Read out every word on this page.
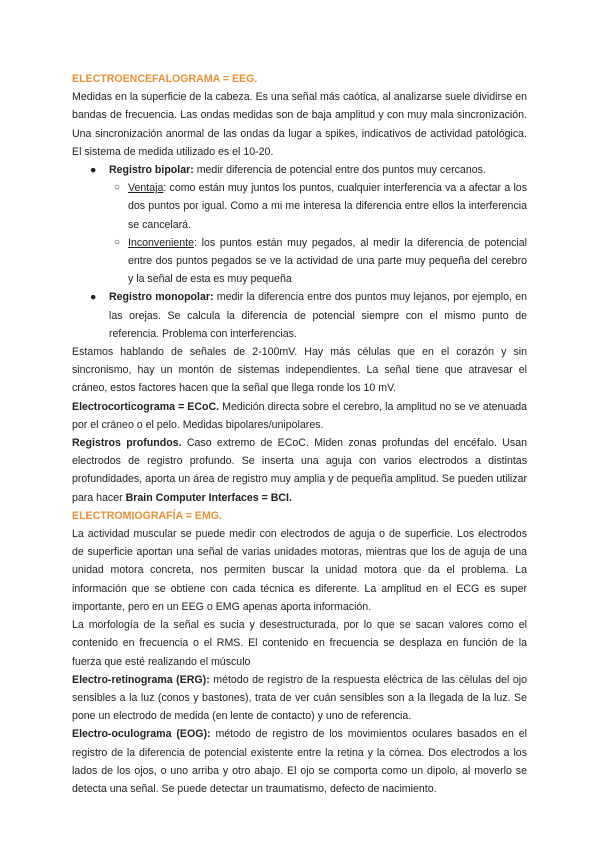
ELECTROENCEFALOGRAMA = EEG.

Medidas en la superficie de la cabeza. Es una señal más caótica, al analizarse suele dividirse en bandas de frecuencia. Las ondas medidas son de baja amplitud y con muy mala sincronización. Una sincronización anormal de las ondas da lugar a spikes, indicativos de actividad patológica. El sistema de medida utilizado es el 10-20.

● Registro bipolar: medir diferencia de potencial entre dos puntos muy cercanos.
○ Ventaja: como están muy juntos los puntos, cualquier interferencia va a afectar a los dos puntos por igual. Como a mi me interesa la diferencia entre ellos la interferencia se cancelará.
○ Inconveniente: los puntos están muy pegados, al medir la diferencia de potencial entre dos puntos pegados se ve la actividad de una parte muy pequeña del cerebro y la señal de esta es muy pequeña
● Registro monopolar: medir la diferencia entre dos puntos muy lejanos, por ejemplo, en las orejas. Se calcula la diferencia de potencial siempre con el mismo punto de referencia. Problema con interferencias.

Estamos hablando de señales de 2-100mV. Hay más células que en el corazón y sin sincronismo, hay un montón de sistemas independientes. La señal tiene que atravesar el cráneo, estos factores hacen que la señal que llega ronde los 10 mV.

Electrocorticograma = ECoC. Medición directa sobre el cerebro, la amplitud no se ve atenuada por el cráneo o el pelo. Medidas bipolares/unipolares.

Registros profundos. Caso extremo de ECoC. Miden zonas profundas del encéfalo. Usan electrodos de registro profundo. Se inserta una aguja con varios electrodos a distintas profundidades, aporta un área de registro muy amplia y de pequeña amplitud. Se pueden utilizar para hacer Brain Computer Interfaces = BCI.

ELECTROMIOGRAFÍA = EMG.

La actividad muscular se puede medir con electrodos de aguja o de superficie. Los electrodos de superficie aportan una señal de varias unidades motoras, mientras que los de aguja de una unidad motora concreta, nos permiten buscar la unidad motora que da el problema. La información que se obtiene con cada técnica es diferente. La amplitud en el ECG es super importante, pero en un EEG o EMG apenas aporta información.

La morfología de la señal es sucia y desestructurada, por lo que se sacan valores como el contenido en frecuencia o el RMS. El contenido en frecuencia se desplaza en función de la fuerza que esté realizando el músculo

Electro-retinograma (ERG): método de registro de la respuesta eléctrica de las células del ojo sensibles a la luz (conos y bastones), trata de ver cuán sensibles son a la llegada de la luz. Se pone un electrodo de medida (en lente de contacto) y uno de referencia.

Electro-oculograma (EOG): método de registro de los movimientos oculares basados en el registro de la diferencia de potencial existente entre la retina y la córnea. Dos electrodos a los lados de los ojos, o uno arriba y otro abajo. El ojo se comporta como un dipolo, al moverlo se detecta una señal. Se puede detectar un traumatismo, defecto de nacimiento.
